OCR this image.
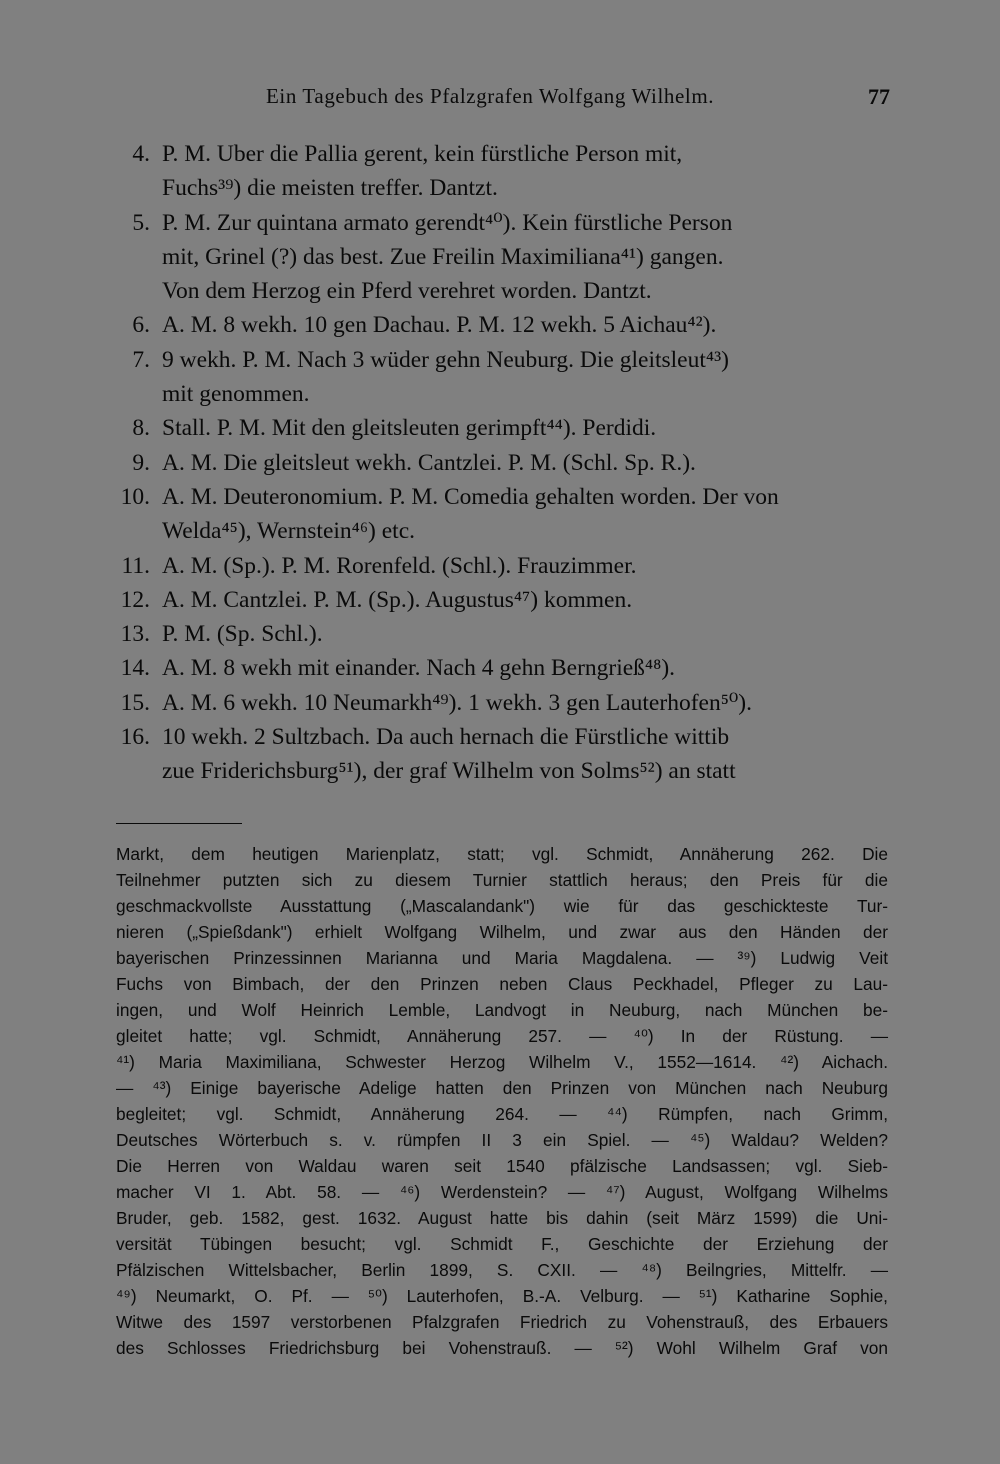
Ein Tagebuch des Pfalzgrafen Wolfgang Wilhelm.	77
4. P. M. Uber die Pallia gerent, kein fürstliche Person mit,
Fuchs³⁹) die meisten treffer. Dantzt.
5. P. M. Zur quintana armato gerendt⁴⁰). Kein fürstliche Person
mit, Grinel (?) das best. Zue Freilin Maximiliana⁴¹) gangen.
Von dem Herzog ein Pferd verehret worden. Dantzt.
6. A. M. 8 wekh. 10 gen Dachau. P. M. 12 wekh. 5 Aichau⁴²).
7. 9 wekh. P. M. Nach 3 wüder gehn Neuburg. Die gleitsleut⁴³)
mit genommen.
8. Stall. P. M. Mit den gleitsleuten gerimpft⁴⁴). Perdidi.
9. A. M. Die gleitsleut wekh. Cantzlei. P. M. (Schl. Sp. R.).
10. A. M. Deuteronomium. P. M. Comedia gehalten worden. Der von
Welda⁴⁵), Wernstein⁴⁶) etc.
11. A. M. (Sp.). P. M. Rorenfeld. (Schl.). Frauzimmer.
12. A. M. Cantzlei. P. M. (Sp.). Augustus⁴⁷) kommen.
13. P. M. (Sp. Schl.).
14. A. M. 8 wekh mit einander. Nach 4 gehn Berngrieß⁴⁸).
15. A. M. 6 wekh. 10 Neumarkh⁴⁹). 1 wekh. 3 gen Lauterhofen⁵⁰).
16. 10 wekh. 2 Sultzbach. Da auch hernach die Fürstliche wittib
zue Friderichsburg⁵¹), der graf Wilhelm von Solms⁵²) an statt
Markt, dem heutigen Marienplatz, statt; vgl. Schmidt, Annäherung 262. Die
Teilnehmer putzten sich zu diesem Turnier stattlich heraus; den Preis für die
geschmackvollste Ausstattung („Mascalandank") wie für das geschickteste Tur-
nieren („Spießdank") erhielt Wolfgang Wilhelm, und zwar aus den Händen der
bayerischen Prinzessinnen Marianna und Maria Magdalena. — ³⁹) Ludwig Veit
Fuchs von Bimbach, der den Prinzen neben Claus Peckhadel, Pfleger zu Lau-
ingen, und Wolf Heinrich Lemble, Landvogt in Neuburg, nach München be-
gleitet hatte; vgl. Schmidt, Annäherung 257. — ⁴⁰) In der Rüstung. —
⁴¹) Maria Maximiliana, Schwester Herzog Wilhelm V., 1552—1614. ⁴²) Aichach.
— ⁴³) Einige bayerische Adelige hatten den Prinzen von München nach Neuburg
begleitet; vgl. Schmidt, Annäherung 264. — ⁴⁴) Rümpfen, nach Grimm,
Deutsches Wörterbuch s. v. rümpfen II 3 ein Spiel. — ⁴⁵) Waldau? Welden?
Die Herren von Waldau waren seit 1540 pfälzische Landsassen; vgl. Sieb-
macher VI 1. Abt. 58. — ⁴⁶) Werdenstein? — ⁴⁷) August, Wolfgang Wilhelms
Bruder, geb. 1582, gest. 1632. August hatte bis dahin (seit März 1599) die Uni-
versität Tübingen besucht; vgl. Schmidt F., Geschichte der Erziehung der
Pfälzischen Wittelsbacher, Berlin 1899, S. CXII. — ⁴⁸) Beilngries, Mittelfr. —
⁴⁹) Neumarkt, O. Pf. — ⁵⁰) Lauterhofen, B.-A. Velburg. — ⁵¹) Katharine Sophie,
Witwe des 1597 verstorbenen Pfalzgrafen Friedrich zu Vohenstrauß, des Erbauers
des Schlosses Friedrichsburg bei Vohenstrauß. — ⁵²) Wohl Wilhelm Graf von
